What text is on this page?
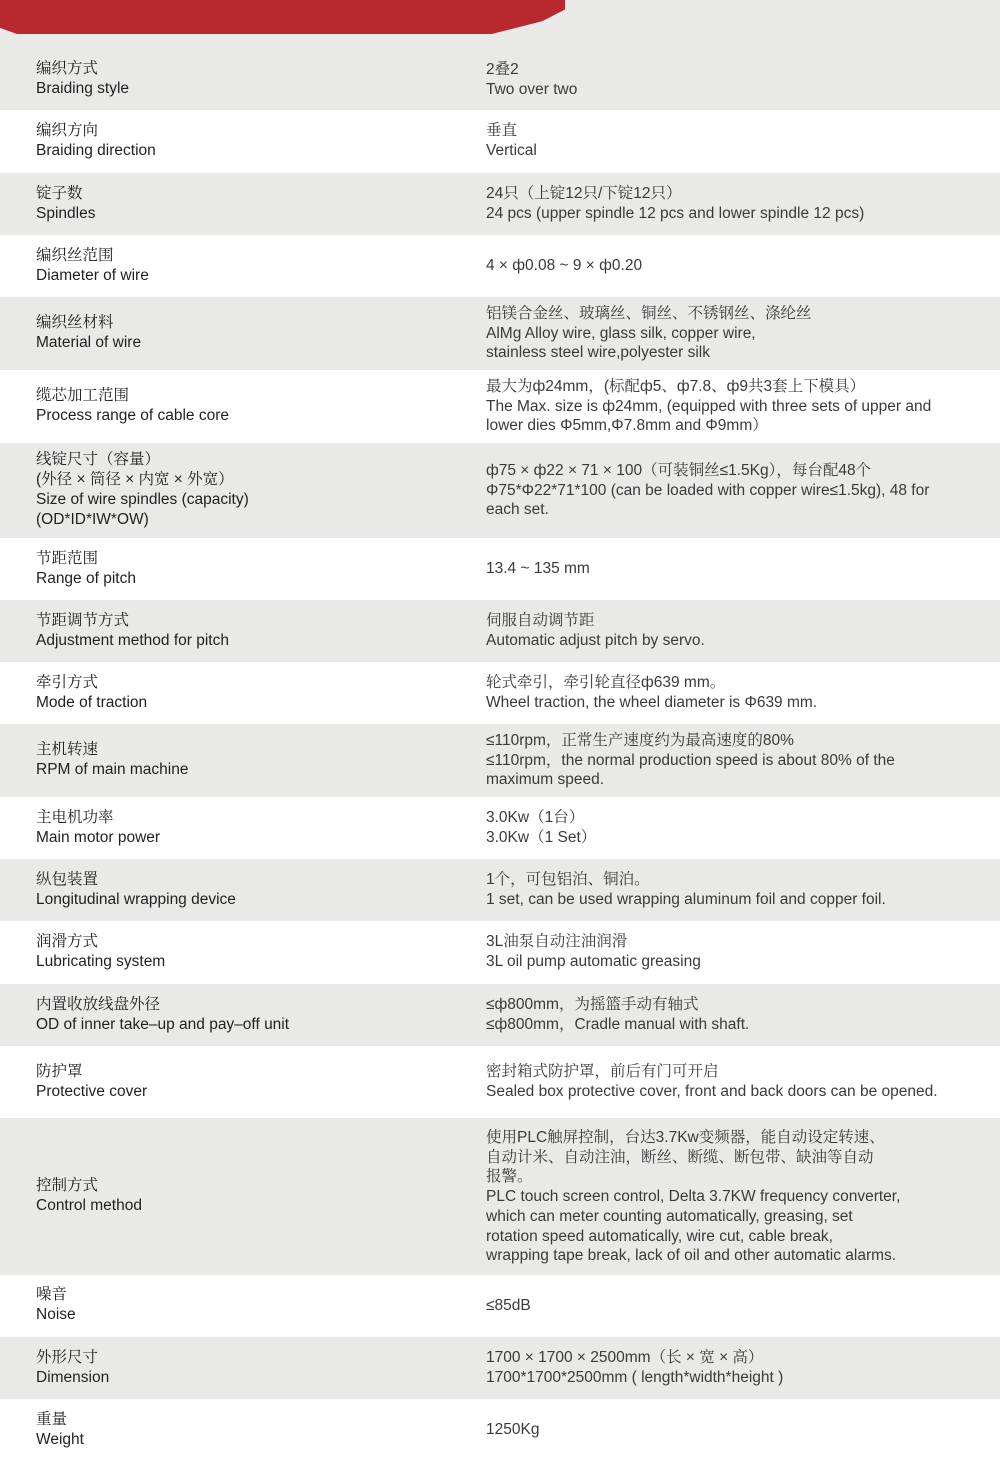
编织方式
Braiding style
2叠2
Two over two
编织方向
Braiding direction
垂直
Vertical
锭子数
Spindles
24只（上锭12只/下锭12只）
24 pcs (upper spindle 12 pcs and lower spindle 12 pcs)
编织丝范围
Diameter of wire
4 × ф0.08 ~ 9 × ф0.20
编织丝材料
Material of wire
铝镁合金丝、玻璃丝、铜丝、不锈钢丝、涤纶丝
AlMg Alloy wire, glass silk, copper wire,
stainless steel wire,polyester silk
缆芯加工范围
Process range of cable core
最大为ф24mm，(标配ф5、ф7.8、ф9共3套上下模具）
The Max. size is ф24mm, (equipped with three sets of upper and
lower dies Φ5mm,Φ7.8mm and Φ9mm）
线锭尺寸（容量）
(外径 × 筒径 × 内宽 × 外宽）
Size of wire spindles (capacity)
(OD*ID*IW*OW)
ф75 × ф22 × 71 × 100（可装铜丝≤1.5Kg），每台配48个
Φ75*Φ22*71*100 (can be loaded with copper wire≤1.5kg), 48 for
each set.
节距范围
Range of pitch
13.4 ~ 135 mm
节距调节方式
Adjustment method for pitch
伺服自动调节距
Automatic adjust pitch by servo.
牵引方式
Mode of traction
轮式牵引，牵引轮直径ф639 mm。
Wheel traction, the wheel diameter is Φ639 mm.
主机转速
RPM of main machine
≤110rpm，正常生产速度约为最高速度的80%
≤110rpm，the normal production speed is about 80% of the
maximum speed.
主电机功率
Main motor power
3.0Kw（1台）
3.0Kw（1 Set）
纵包装置
Longitudinal wrapping device
1个，可包铝泊、铜泊。
1 set, can be used wrapping aluminum foil and copper foil.
润滑方式
Lubricating system
3L油泵自动注油润滑
3L oil pump automatic greasing
内置收放线盘外径
OD of inner take–up and pay–off unit
≤ф800mm，为摇篮手动有轴式
≤ф800mm，Cradle manual with shaft.
防护罩
Protective cover
密封箱式防护罩，前后有门可开启
Sealed box protective cover, front and back doors can be opened.
控制方式
Control method
使用PLC触屏控制，台达3.7Kw变频器，能自动设定转速、
自动计米、自动注油，断丝、断缆、断包带、缺油等自动
报警。
PLC touch screen control, Delta 3.7KW frequency converter,
which can meter counting automatically, greasing, set
rotation speed automatically, wire cut, cable break,
wrapping tape break, lack of oil and other automatic alarms.
噪音
Noise
≤85dB
外形尺寸
Dimension
1700 × 1700 × 2500mm（长 × 宽 × 高）
1700*1700*2500mm ( length*width*height )
重量
Weight
1250Kg
